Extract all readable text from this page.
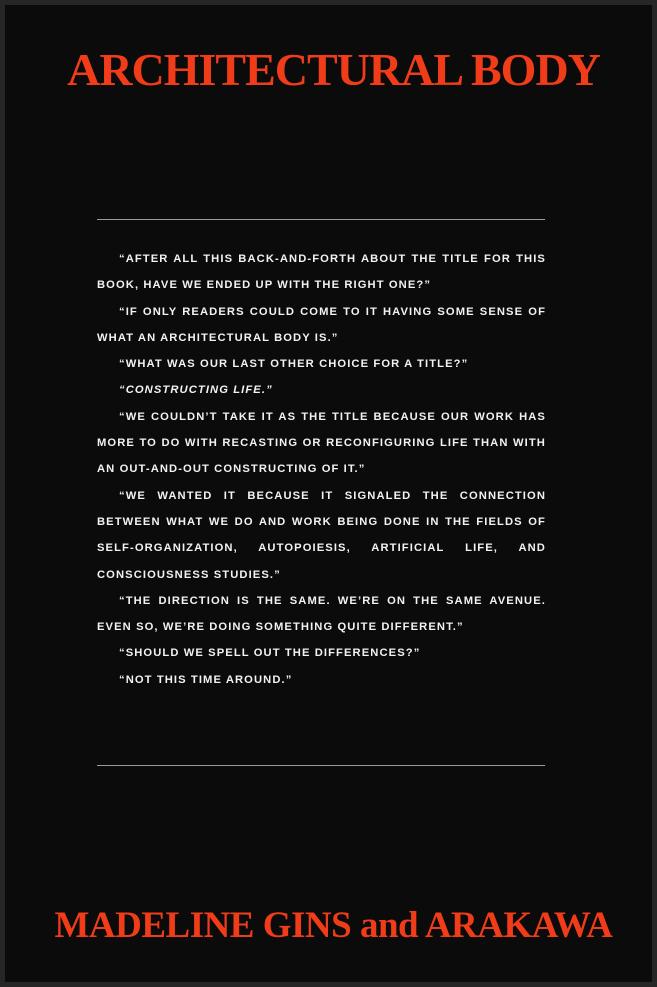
ARCHITECTURAL BODY

“AFTER ALL THIS BACK-AND-FORTH ABOUT THE TITLE FOR THIS BOOK, HAVE WE ENDED UP WITH THE RIGHT ONE?”

“IF ONLY READERS COULD COME TO IT HAVING SOME SENSE OF WHAT AN ARCHITECTURAL BODY IS.”

“WHAT WAS OUR LAST OTHER CHOICE FOR A TITLE?”

“CONSTRUCTING LIFE.”

“WE COULDN’T TAKE IT AS THE TITLE BECAUSE OUR WORK HAS MORE TO DO WITH RECASTING OR RECONFIGURING LIFE THAN WITH AN OUT-AND-OUT CONSTRUCTING OF IT.”

“WE WANTED IT BECAUSE IT SIGNALED THE CONNECTION BETWEEN WHAT WE DO AND WORK BEING DONE IN THE FIELDS OF SELF-ORGANIZATION, AUTOPOIESIS, ARTIFICIAL LIFE, AND CONSCIOUSNESS STUDIES.”

“THE DIRECTION IS THE SAME. WE’RE ON THE SAME AVENUE. EVEN SO, WE’RE DOING SOMETHING QUITE DIFFERENT.”

“SHOULD WE SPELL OUT THE DIFFERENCES?”

“NOT THIS TIME AROUND.”

MADELINE GINS and ARAKAWA
